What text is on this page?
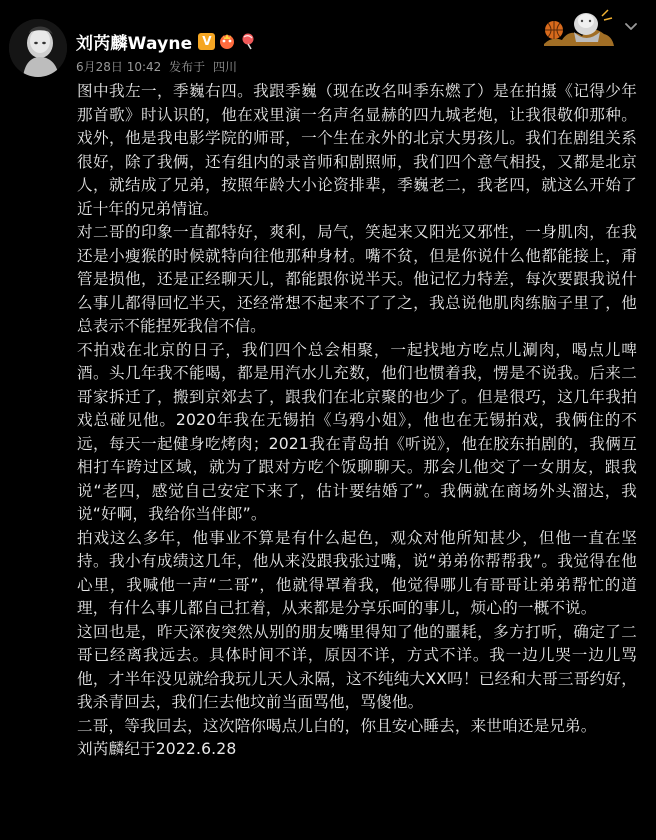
刘芮麟Wayne V
6月28日 10:42 发布于 四川

图中我左一，季巍右四。我跟季巍（现在改名叫季东燃了）是在拍摄《记得少年那首歌》时认识的，他在戏里演一名声名显赫的四九城老炮，让我很敬仰那种。戏外，他是我电影学院的师哥，一个生在永外的北京大男孩儿。我们在剧组关系很好，除了我俩，还有组内的录音师和剧照师，我们四个意气相投，又都是北京人，就结成了兄弟，按照年龄大小论资排辈，季巍老二，我老四，就这么开始了近十年的兄弟情谊。

对二哥的印象一直都特好，爽利，局气，笑起来又阳光又邪性，一身肌肉，在我还是小瘦猴的时候就特向往他那种身材。嘴不贫，但是你说什么他都能接上，甭管是损他，还是正经聊天儿，都能跟你说半天。他记忆力特差，每次要跟我说什么事儿都得回忆半天，还经常想不起来不了了之，我总说他肌肉练脑子里了，他总表示不能捏死我信不信。

不拍戏在北京的日子，我们四个总会相聚，一起找地方吃点儿涮肉，喝点儿啤酒。头几年我不能喝，都是用汽水儿充数，他们也惯着我，愣是不说我。后来二哥家拆迁了，搬到京郊去了，跟我们在北京聚的也少了。但是很巧，这几年我拍戏总碰见他。2020年我在无锡拍《乌鸦小姐》，他也在无锡拍戏，我俩住的不远，每天一起健身吃烤肉；2021我在青岛拍《听说》，他在胶东拍剧的，我俩互相打车跨过区域，就为了跟对方吃个饭聊聊天。那会儿他交了一女朋友，跟我说“老四，感觉自己安定下来了，估计要结婚了”。我俩就在商场外头溜达，我说“好啊，我给你当伴郎”。

拍戏这么多年，他事业不算是有什么起色，观众对他所知甚少，但他一直在坚持。我小有成绩这几年，他从来没跟我张过嘴，说“弟弟你帮帮我”。我觉得在他心里，我喊他一声“二哥”，他就得罩着我，他觉得哪儿有哥哥让弟弟帮忙的道理，有什么事儿都自己扛着，从来都是分享乐呵的事儿，烦心的一概不说。

这回也是，昨天深夜突然从别的朋友嘴里得知了他的噩耗，多方打听，确定了二哥已经离我远去。具体时间不详，原因不详，方式不详。我一边儿哭一边儿骂他，才半年没见就给我玩儿天人永隔，这不纯纯大XX吗！已经和大哥三哥约好，我杀青回去，我们仨去他坟前当面骂他，骂傻他。

二哥，等我回去，这次陪你喝点儿白的，你且安心睡去，来世咱还是兄弟。

刘芮麟纪于2022.6.28
